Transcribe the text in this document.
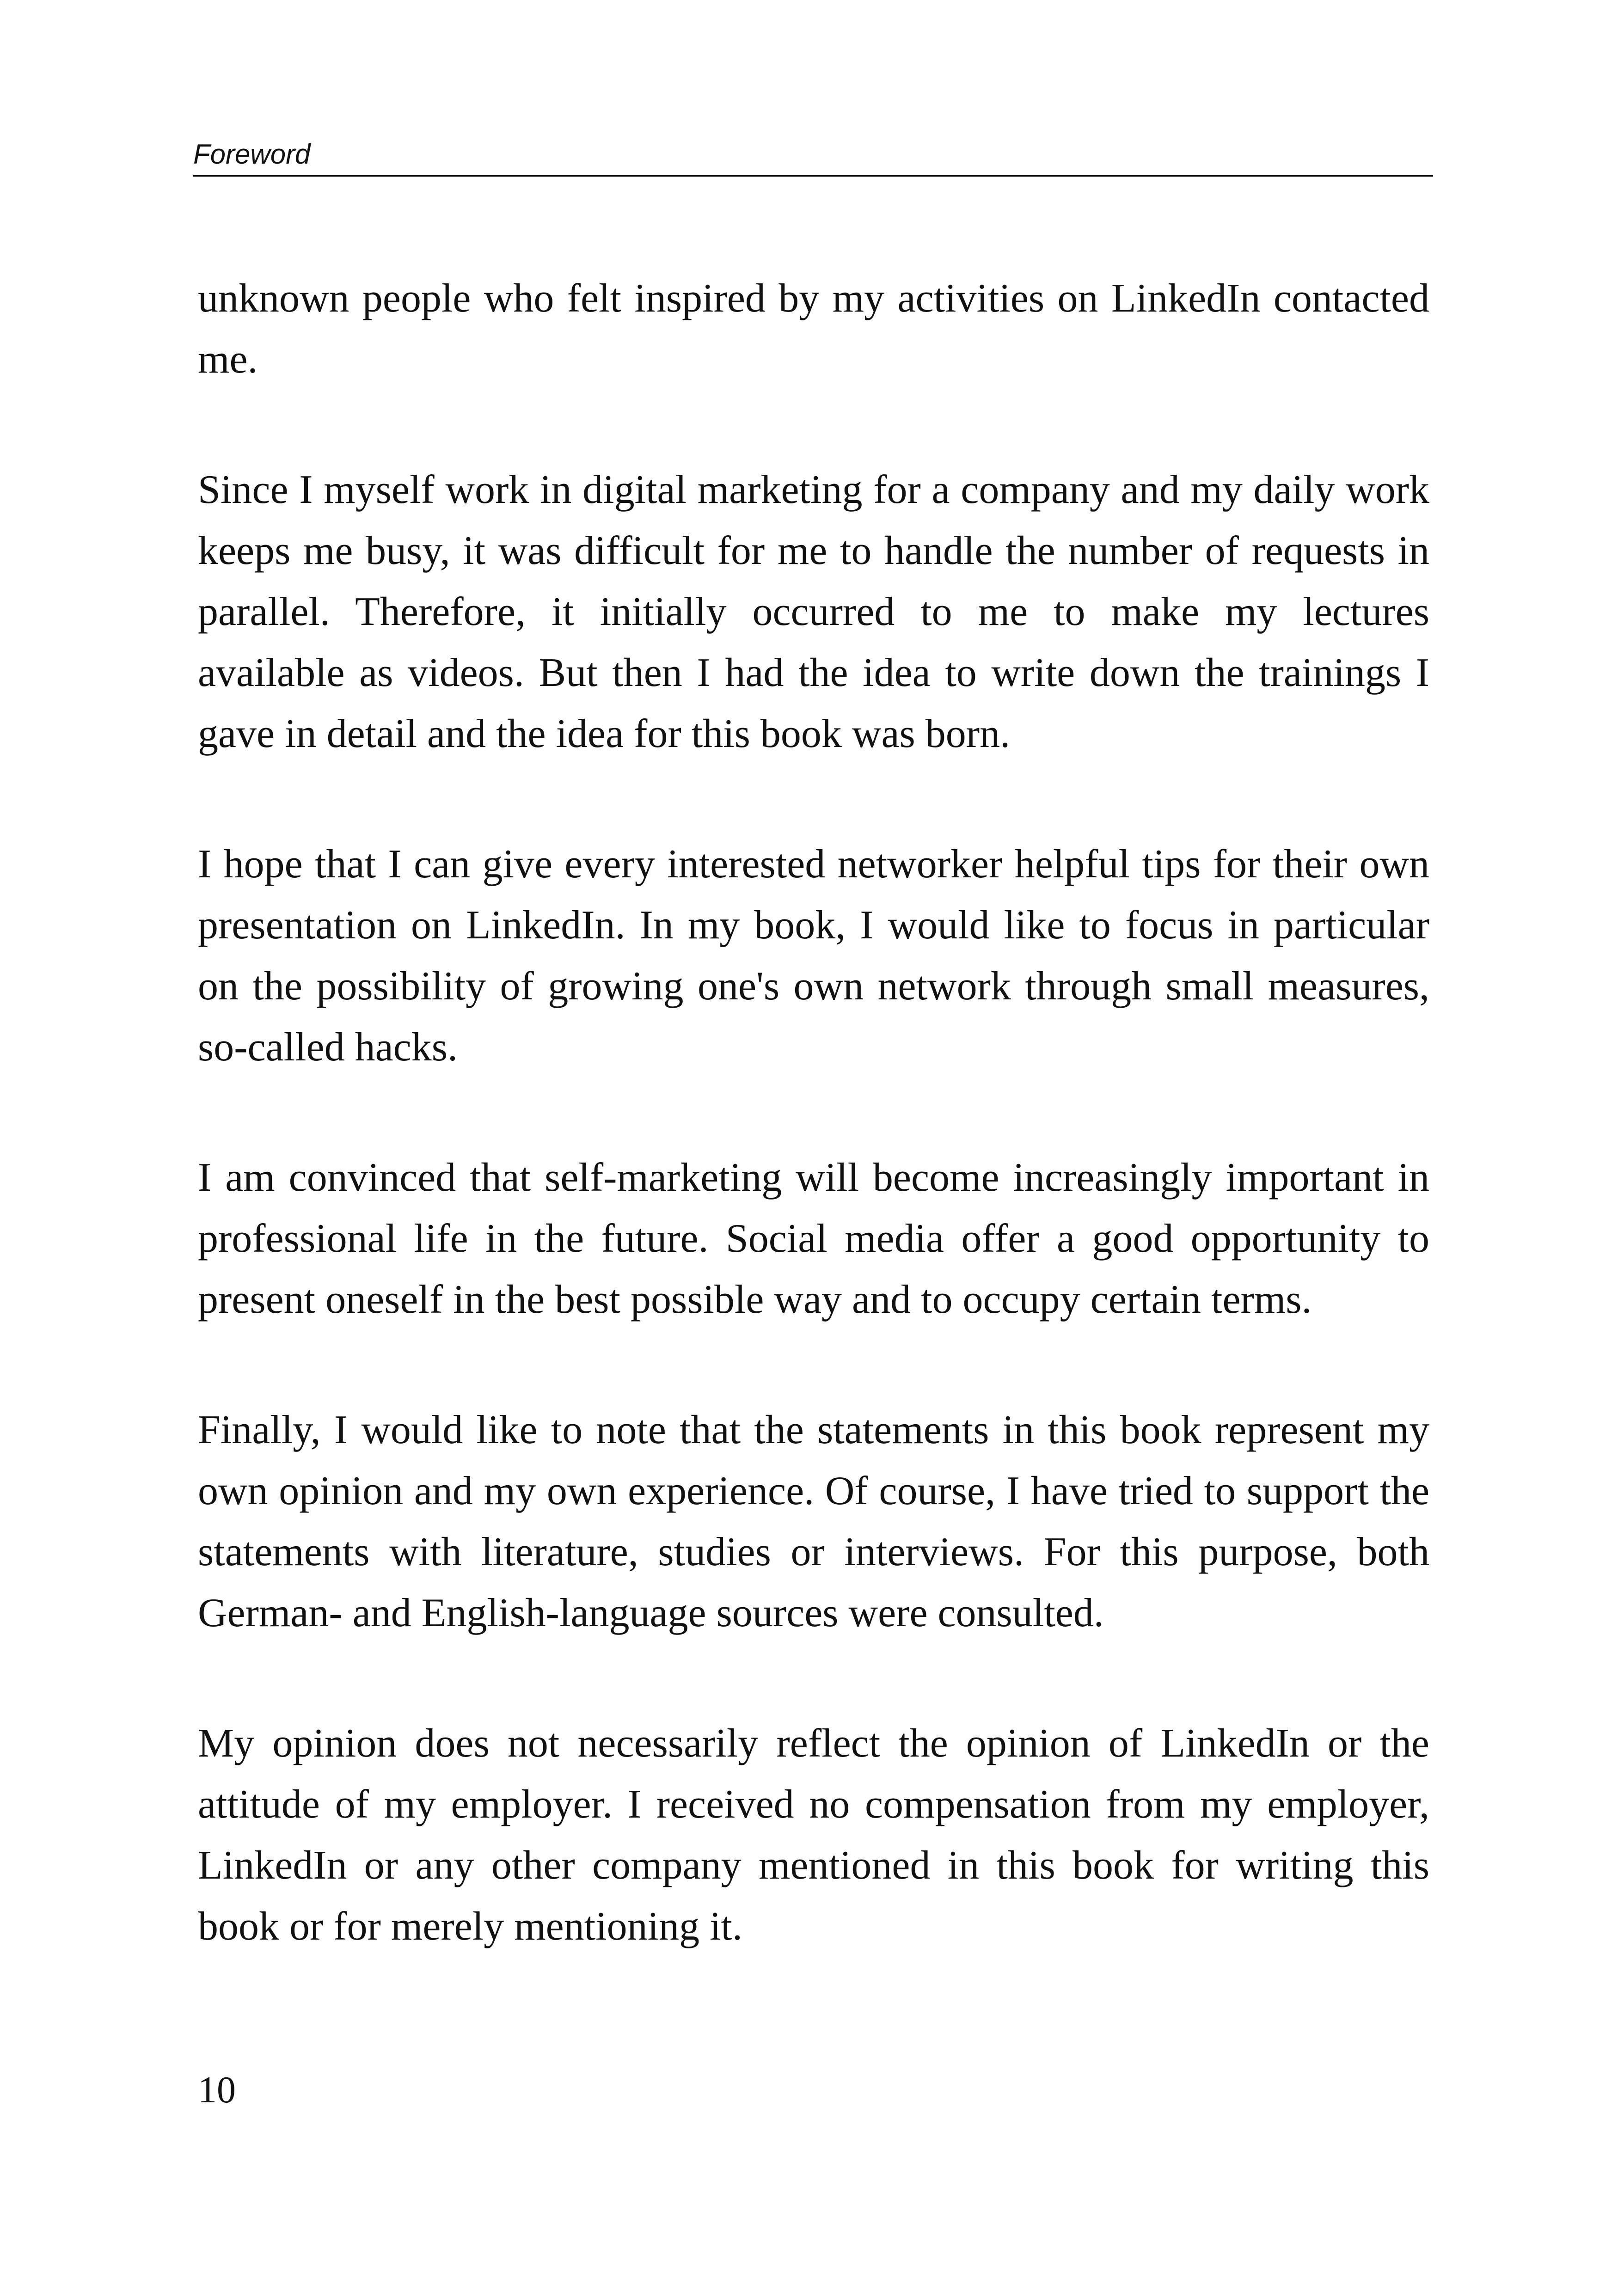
Foreword

unknown people who felt inspired by my activities on LinkedIn contacted me.

Since I myself work in digital marketing for a company and my daily work keeps me busy, it was difficult for me to handle the number of requests in parallel. Therefore, it initially occurred to me to make my lectures available as videos. But then I had the idea to write down the trainings I gave in detail and the idea for this book was born.

I hope that I can give every interested networker helpful tips for their own presentation on LinkedIn. In my book, I would like to focus in particular on the possibility of growing one's own network through small measures, so-called hacks.

I am convinced that self-marketing will become increasingly important in professional life in the future. Social media offer a good opportunity to present oneself in the best possible way and to occupy certain terms.

Finally, I would like to note that the statements in this book represent my own opinion and my own experience. Of course, I have tried to support the statements with literature, studies or interviews. For this purpose, both German- and English-language sources were consulted.

My opinion does not necessarily reflect the opinion of LinkedIn or the attitude of my employer. I received no compensation from my employer, LinkedIn or any other company mentioned in this book for writing this book or for merely mentioning it.

10
